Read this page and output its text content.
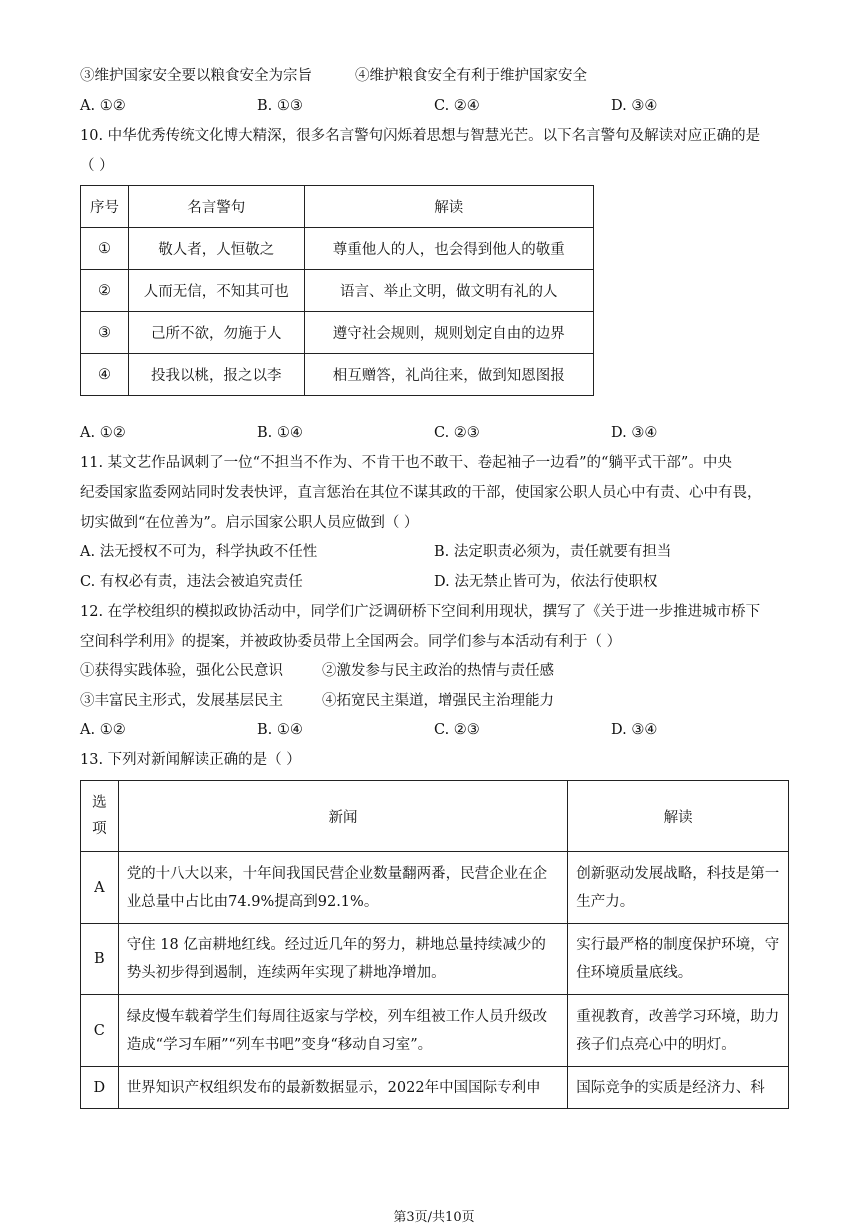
③维护国家安全要以粮食安全为宗旨	④维护粮食安全有利于维护国家安全
A. ①②	B. ①③	C. ②④	D. ③④
10. 中华优秀传统文化博大精深，很多名言警句闪烁着思想与智慧光芒。以下名言警句及解读对应正确的是
（ ）
序号	名言警句	解读
①	敬人者，人恒敬之	尊重他人的人，也会得到他人的敬重
②	人而无信，不知其可也	语言、举止文明，做文明有礼的人
③	己所不欲，勿施于人	遵守社会规则，规则划定自由的边界
④	投我以桃，报之以李	相互赠答，礼尚往来，做到知恩图报
A. ①②	B. ①④	C. ②③	D. ③④
11. 某文艺作品讽刺了一位“不担当不作为、不肯干也不敢干、卷起袖子一边看”的“躺平式干部”。中央
纪委国家监委网站同时发表快评，直言惩治在其位不谋其政的干部，使国家公职人员心中有责、心中有畏，
切实做到“在位善为”。启示国家公职人员应做到（ ）
A. 法无授权不可为，科学执政不任性	B. 法定职责必须为，责任就要有担当
C. 有权必有责，违法会被追究责任	D. 法无禁止皆可为，依法行使职权
12. 在学校组织的模拟政协活动中，同学们广泛调研桥下空间利用现状，撰写了《关于进一步推进城市桥下
空间科学利用》的提案，并被政协委员带上全国两会。同学们参与本活动有利于（ ）
①获得实践体验，强化公民意识	②激发参与民主政治的热情与责任感
③丰富民主形式，发展基层民主	④拓宽民主渠道，增强民主治理能力
A. ①②	B. ①④	C. ②③	D. ③④
13. 下列对新闻解读正确的是（ ）
选项	新闻	解读
A	党的十八大以来，十年间我国民营企业数量翻两番，民营企业在企业总量中占比由74.9%提高到92.1%。	创新驱动发展战略，科技是第一生产力。
B	守住 18 亿亩耕地红线。经过近几年的努力，耕地总量持续减少的势头初步得到遏制，连续两年实现了耕地净增加。	实行最严格的制度保护环境，守住环境质量底线。
C	绿皮慢车载着学生们每周往返家与学校，列车组被工作人员升级改造成“学习车厢”“列车书吧”变身“移动自习室”。	重视教育，改善学习环境，助力孩子们点亮心中的明灯。
D	世界知识产权组织发布的最新数据显示，2022年中国国际专利申	国际竞争的实质是经济力、科
第3页/共10页
